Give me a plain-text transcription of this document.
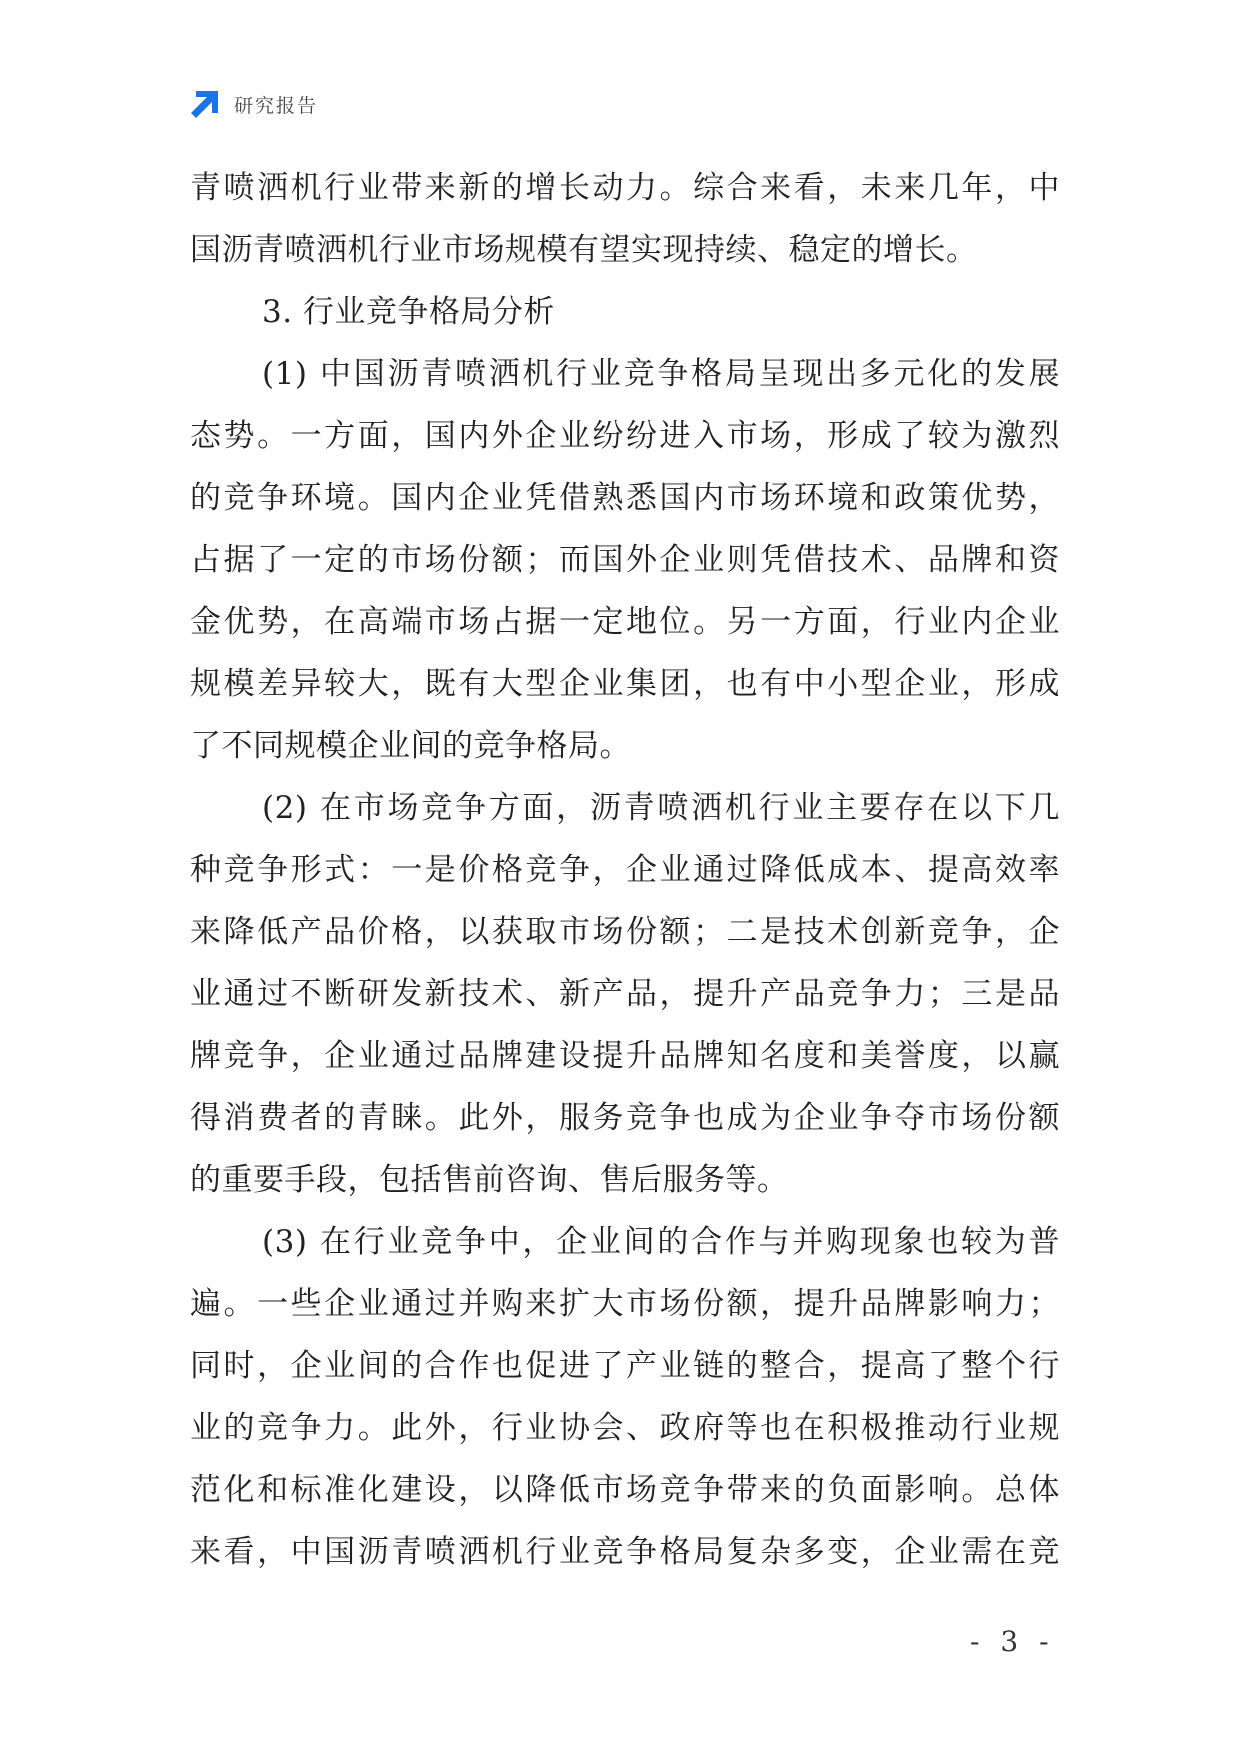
研究报告
青喷洒机行业带来新的增长动力。综合来看，未来几年，中
国沥青喷洒机行业市场规模有望实现持续、稳定的增长。
3. 行业竞争格局分析
(1) 中国沥青喷洒机行业竞争格局呈现出多元化的发展
态势。一方面，国内外企业纷纷进入市场，形成了较为激烈
的竞争环境。国内企业凭借熟悉国内市场环境和政策优势，
占据了一定的市场份额；而国外企业则凭借技术、品牌和资
金优势，在高端市场占据一定地位。另一方面，行业内企业
规模差异较大，既有大型企业集团，也有中小型企业，形成
了不同规模企业间的竞争格局。
(2) 在市场竞争方面，沥青喷洒机行业主要存在以下几
种竞争形式：一是价格竞争，企业通过降低成本、提高效率
来降低产品价格，以获取市场份额；二是技术创新竞争，企
业通过不断研发新技术、新产品，提升产品竞争力；三是品
牌竞争，企业通过品牌建设提升品牌知名度和美誉度，以赢
得消费者的青睐。此外，服务竞争也成为企业争夺市场份额
的重要手段，包括售前咨询、售后服务等。
(3) 在行业竞争中，企业间的合作与并购现象也较为普
遍。一些企业通过并购来扩大市场份额，提升品牌影响力；
同时，企业间的合作也促进了产业链的整合，提高了整个行
业的竞争力。此外，行业协会、政府等也在积极推动行业规
范化和标准化建设，以降低市场竞争带来的负面影响。总体
来看，中国沥青喷洒机行业竞争格局复杂多变，企业需在竞
- 3 -
